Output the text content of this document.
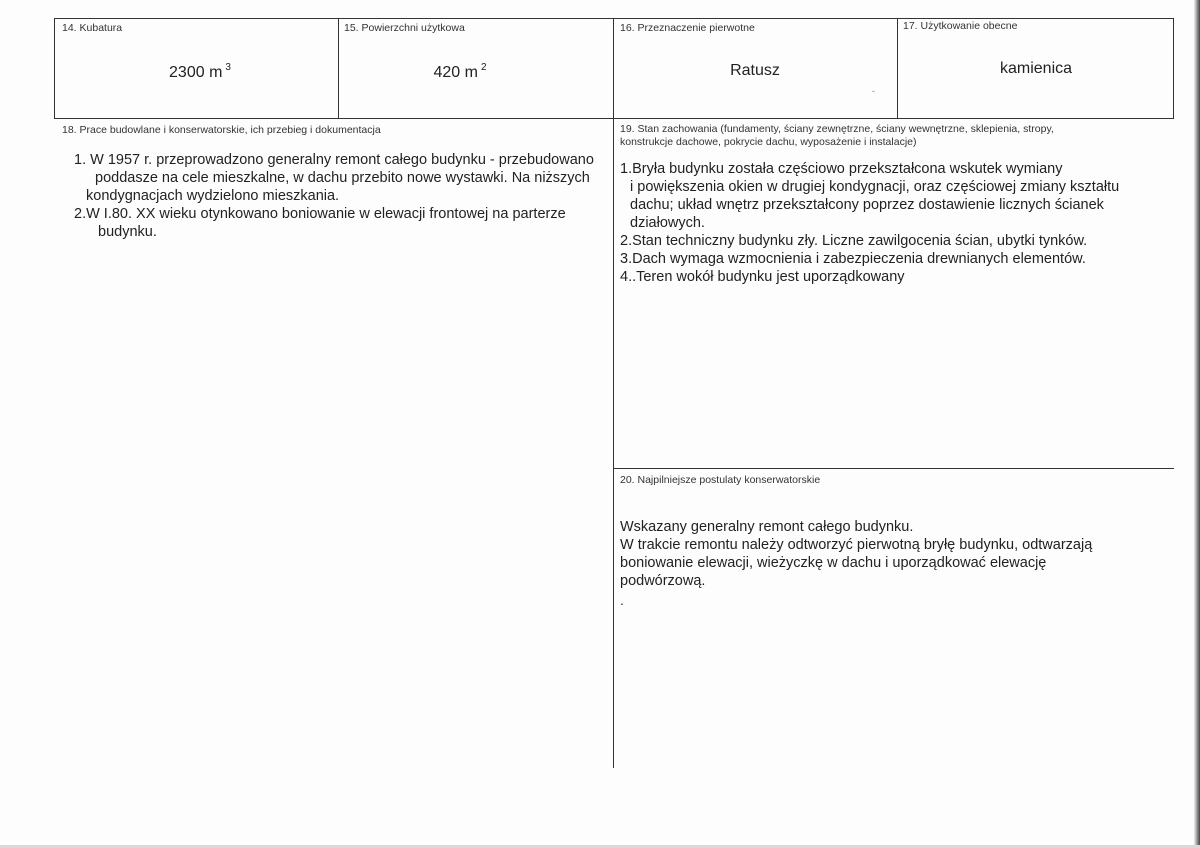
14. Kubatura
2300 m $^3$
15. Powierzchni użytkowa
420 m $^2$
16. Przeznaczenie pierwotne
Ratusz
-
17. Użytkowanie obecne
kamienica
18. Prace budowlane i konserwatorskie, ich przebieg i dokumentacja

1. W 1957 r. przeprowadzono generalny remont całego budynku - przebudowano

poddasze na cele mieszkalne, w dachu przebito nowe wystawki. Na niższych

kondygnacjach wydzielono mieszkania.

2.W I.80. XX wieku otynkowano boniowanie w elewacji frontowej na parterze

budynku.

19. Stan zachowania (fundamenty, ściany zewnętrzne, ściany wewnętrzne, sklepienia, stropy,
konstrukcje dachowe, pokrycie dachu, wyposażenie i instalacje)

1.Bryła budynku została częściowo przekształcona wskutek wymiany

i powiększenia okien w drugiej kondygnacji, oraz częściowej zmiany kształtu

dachu; układ wnętrz przekształcony poprzez dostawienie licznych ścianek

działowych.

2.Stan techniczny budynku zły. Liczne zawilgocenia ścian, ubytki tynków.

3.Dach wymaga wzmocnienia i zabezpieczenia drewnianych elementów.

4..Teren wokół budynku jest uporządkowany

20. Najpilniejsze postulaty konserwatorskie

Wskazany generalny remont całego budynku.

W trakcie remontu należy odtworzyć pierwotną bryłę budynku, odtwarzają

boniowanie elewacji, wieżyczkę w dachu i uporządkować elewację

podwórzową.

.
